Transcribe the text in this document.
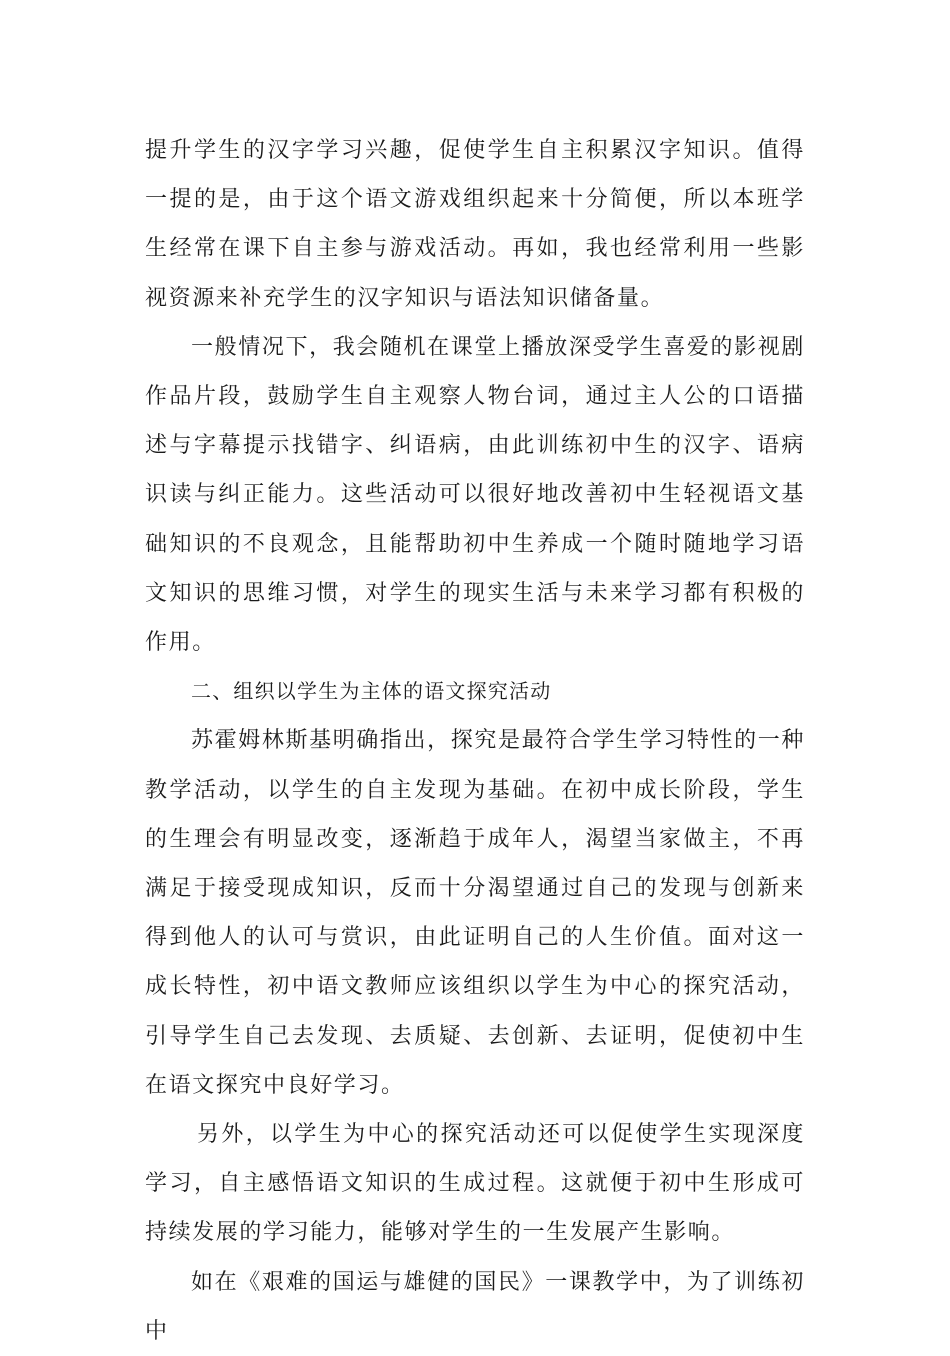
提升学生的汉字学习兴趣，促使学生自主积累汉字知识。值得一提的是，由于这个语文游戏组织起来十分简便，所以本班学生经常在课下自主参与游戏活动。再如，我也经常利用一些影视资源来补充学生的汉字知识与语法知识储备量。

一般情况下，我会随机在课堂上播放深受学生喜爱的影视剧作品片段，鼓励学生自主观察人物台词，通过主人公的口语描述与字幕提示找错字、纠语病，由此训练初中生的汉字、语病识读与纠正能力。这些活动可以很好地改善初中生轻视语文基础知识的不良观念，且能帮助初中生养成一个随时随地学习语文知识的思维习惯，对学生的现实生活与未来学习都有积极的作用。

二、组织以学生为主体的语文探究活动

苏霍姆林斯基明确指出，探究是最符合学生学习特性的一种教学活动，以学生的自主发现为基础。在初中成长阶段，学生的生理会有明显改变，逐渐趋于成年人，渴望当家做主，不再满足于接受现成知识，反而十分渴望通过自己的发现与创新来得到他人的认可与赏识，由此证明自己的人生价值。面对这一成长特性，初中语文教师应该组织以学生为中心的探究活动，引导学生自己去发现、去质疑、去创新、去证明，促使初中生在语文探究中良好学习。

另外，以学生为中心的探究活动还可以促使学生实现深度学习，自主感悟语文知识的生成过程。这就便于初中生形成可持续发展的学习能力，能够对学生的一生发展产生影响。

如在《艰难的国运与雄健的国民》一课教学中，为了训练初中
